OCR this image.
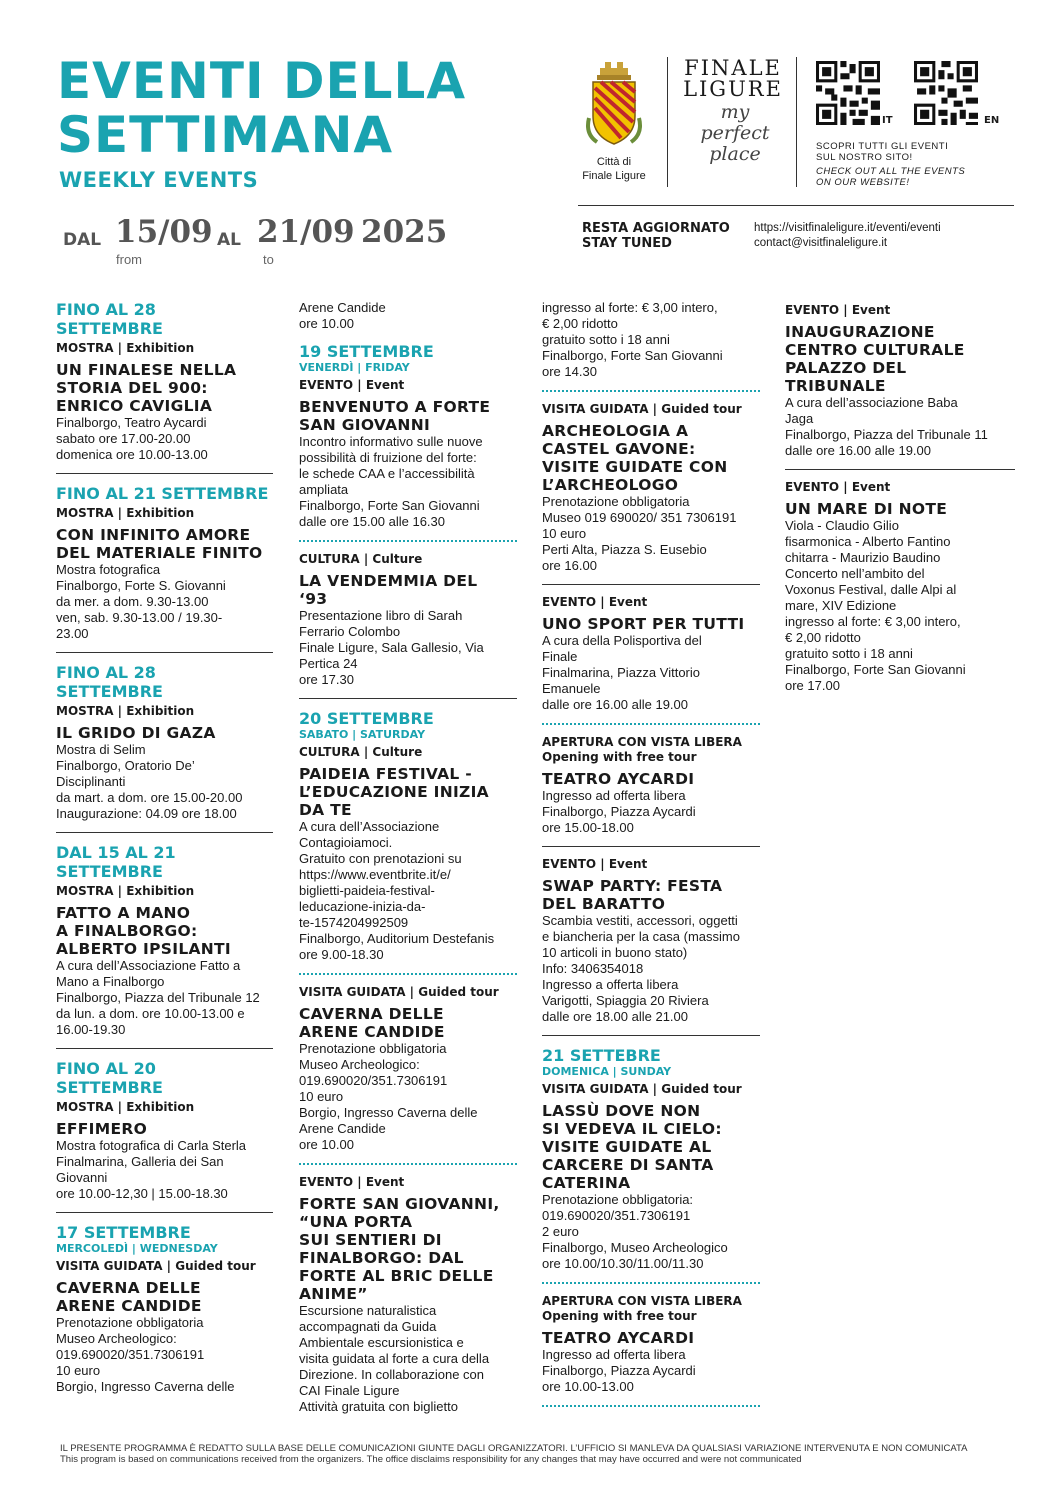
EVENTI DELLA
SETTIMANA
WEEKLY EVENTS
DAL 15/09 AL 21/09 2025
from	to
Città di
Finale Ligure
FINALE
LIGURE
my
perfect
place
IT	EN
SCOPRI TUTTI GLI EVENTI
SUL NOSTRO SITO!
CHECK OUT ALL THE EVENTS
ON OUR WEBSITE!
RESTA AGGIORNATO
STAY TUNED
https://visitfinaleligure.it/eventi/eventi
contact@visitfinaleligure.it
FINO AL 28
SETTEMBRE
MOSTRA | Exhibition
UN FINALESE NELLA
STORIA DEL 900:
ENRICO CAVIGLIA
Finalborgo, Teatro Aycardi
sabato ore 17.00-20.00
domenica ore 10.00-13.00
FINO AL 21 SETTEMBRE
MOSTRA | Exhibition
CON INFINITO AMORE
DEL MATERIALE FINITO
Mostra fotografica
Finalborgo, Forte S. Giovanni
da mer. a dom. 9.30-13.00
ven, sab. 9.30-13.00 / 19.30-
23.00
FINO AL 28
SETTEMBRE
MOSTRA | Exhibition
IL GRIDO DI GAZA
Mostra di Selim
Finalborgo, Oratorio De’
Disciplinanti
da mart. a dom. ore 15.00-20.00
Inaugurazione: 04.09 ore 18.00
DAL 15 AL 21
SETTEMBRE
MOSTRA | Exhibition
FATTO A MANO
A FINALBORGO:
ALBERTO IPSILANTI
A cura dell’Associazione Fatto a
Mano a Finalborgo
Finalborgo, Piazza del Tribunale 12
da lun. a dom. ore 10.00-13.00 e
16.00-19.30
FINO AL 20
SETTEMBRE
MOSTRA | Exhibition
EFFIMERO
Mostra fotografica di Carla Sterla
Finalmarina, Galleria dei San
Giovanni
ore 10.00-12,30 | 15.00-18.30
17 SETTEMBRE
MERCOLEDÌ | WEDNESDAY
VISITA GUIDATA | Guided tour
CAVERNA DELLE
ARENE CANDIDE
Prenotazione obbligatoria
Museo Archeologico:
019.690020/351.7306191
10 euro
Borgio, Ingresso Caverna delle
Arene Candide
ore 10.00
19 SETTEMBRE
VENERDÌ | FRIDAY
EVENTO | Event
BENVENUTO A FORTE
SAN GIOVANNI
Incontro informativo sulle nuove
possibilità di fruizione del forte:
le schede CAA e l’accessibilità
ampliata
Finalborgo, Forte San Giovanni
dalle ore 15.00 alle 16.30
CULTURA | Culture
LA VENDEMMIA DEL
‘93
Presentazione libro di Sarah
Ferrario Colombo
Finale Ligure, Sala Gallesio, Via
Pertica 24
ore 17.30
20 SETTEMBRE
SABATO | SATURDAY
CULTURA | Culture
PAIDEIA FESTIVAL -
L’EDUCAZIONE INIZIA
DA TE
A cura dell’Associazione
Contagioiamoci.
Gratuito con prenotazioni su
https://www.eventbrite.it/e/
biglietti-paideia-festival-
leducazione-inizia-da-
te-1574204992509
Finalborgo, Auditorium Destefanis
ore 9.00-18.30
VISITA GUIDATA | Guided tour
CAVERNA DELLE
ARENE CANDIDE
Prenotazione obbligatoria
Museo Archeologico:
019.690020/351.7306191
10 euro
Borgio, Ingresso Caverna delle
Arene Candide
ore 10.00
EVENTO | Event
FORTE SAN GIOVANNI,
“UNA PORTA
SUI SENTIERI DI
FINALBORGO: DAL
FORTE AL BRIC DELLE
ANIME”
Escursione naturalistica
accompagnati da Guida
Ambientale escursionistica e
visita guidata al forte a cura della
Direzione. In collaborazione con
CAI Finale Ligure
Attività gratuita con biglietto
ingresso al forte: € 3,00 intero,
€ 2,00 ridotto
gratuito sotto i 18 anni
Finalborgo, Forte San Giovanni
ore 14.30
VISITA GUIDATA | Guided tour
ARCHEOLOGIA A
CASTEL GAVONE:
VISITE GUIDATE CON
L’ARCHEOLOGO
Prenotazione obbligatoria
Museo 019 690020/ 351 7306191
10 euro
Perti Alta, Piazza S. Eusebio
ore 16.00
EVENTO | Event
UNO SPORT PER TUTTI
A cura della Polisportiva del
Finale
Finalmarina, Piazza Vittorio
Emanuele
dalle ore 16.00 alle 19.00
APERTURA CON VISTA LIBERA
Opening with free tour
TEATRO AYCARDI
Ingresso ad offerta libera
Finalborgo, Piazza Aycardi
ore 15.00-18.00
EVENTO | Event
SWAP PARTY: FESTA
DEL BARATTO
Scambia vestiti, accessori, oggetti
e biancheria per la casa (massimo
10 articoli in buono stato)
Info: 3406354018
Ingresso a offerta libera
Varigotti, Spiaggia 20 Riviera
dalle ore 18.00 alle 21.00
21 SETTEBRE
DOMENICA | SUNDAY
VISITA GUIDATA | Guided tour
LASSÙ DOVE NON
SI VEDEVA IL CIELO:
VISITE GUIDATE AL
CARCERE DI SANTA
CATERINA
Prenotazione obbligatoria:
019.690020/351.7306191
2 euro
Finalborgo, Museo Archeologico
ore 10.00/10.30/11.00/11.30
APERTURA CON VISTA LIBERA
Opening with free tour
TEATRO AYCARDI
Ingresso ad offerta libera
Finalborgo, Piazza Aycardi
ore 10.00-13.00
EVENTO | Event
INAUGURAZIONE
CENTRO CULTURALE
PALAZZO DEL
TRIBUNALE
A cura dell’associazione Baba
Jaga
Finalborgo, Piazza del Tribunale 11
dalle ore 16.00 alle 19.00
EVENTO | Event
UN MARE DI NOTE
Viola - Claudio Gilio
fisarmonica - Alberto Fantino
chitarra - Maurizio Baudino
Concerto nell’ambito del
Voxonus Festival, dalle Alpi al
mare, XIV Edizione
ingresso al forte: € 3,00 intero,
€ 2,00 ridotto
gratuito sotto i 18 anni
Finalborgo, Forte San Giovanni
ore 17.00
IL PRESENTE PROGRAMMA È REDATTO SULLA BASE DELLE COMUNICAZIONI GIUNTE DAGLI ORGANIZZATORI. L’UFFICIO SI MANLEVA DA QUALSIASI VARIAZIONE INTERVENUTA E NON COMUNICATA
This program is based on communications received from the organizers. The office disclaims responsibility for any changes that may have occurred and were not communicated
